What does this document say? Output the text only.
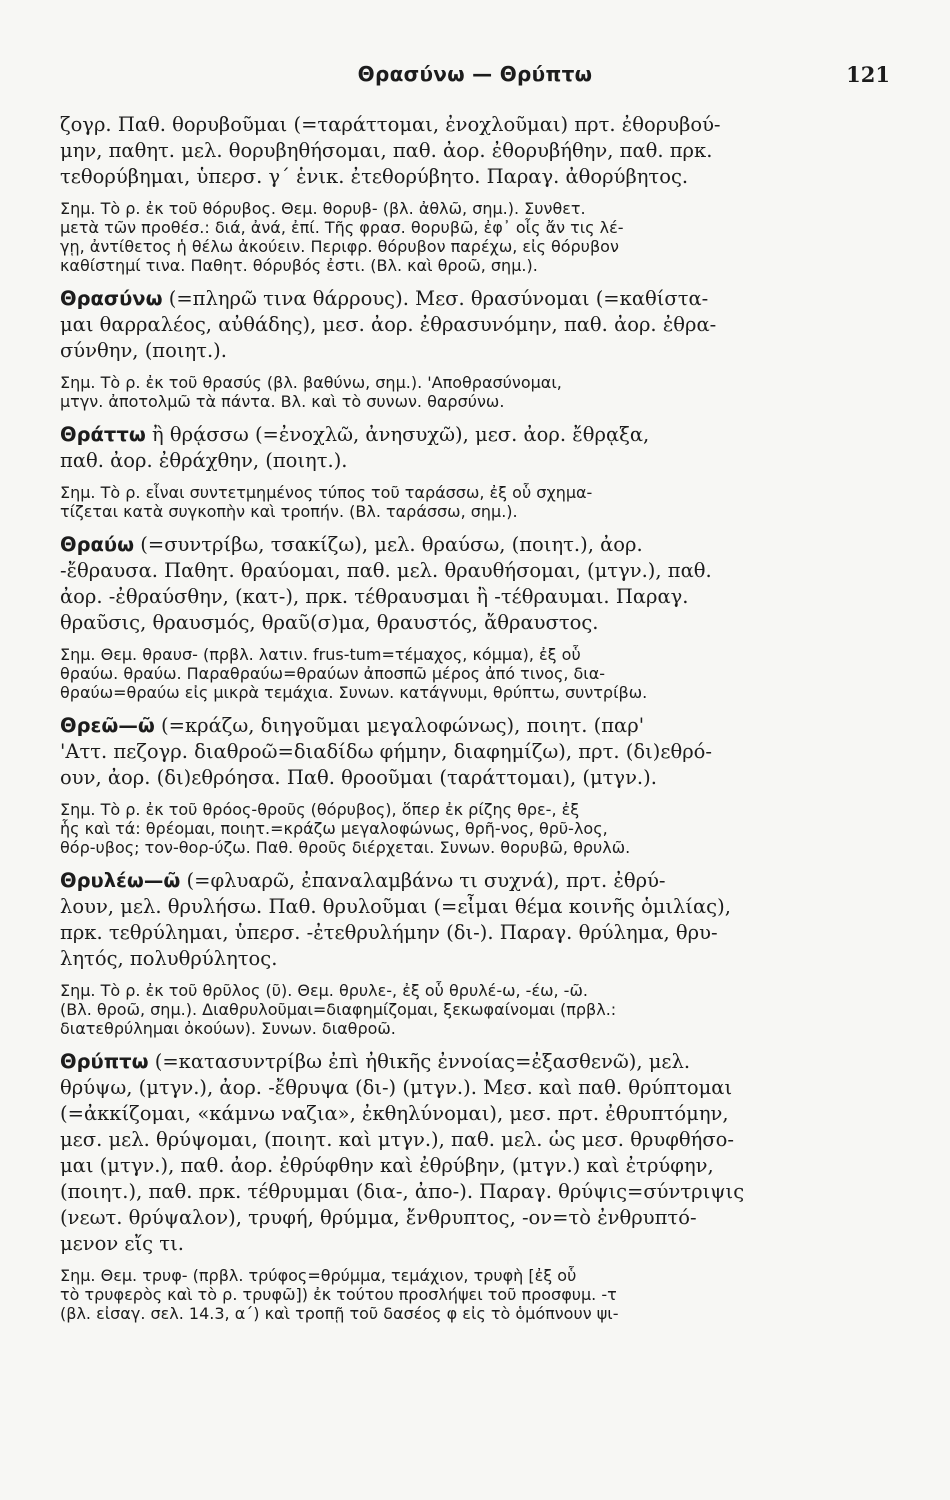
Θρασύνω — Θρύπτω	121
ζογρ. Παθ. θορυβοῦμαι (=ταράττομαι, ἐνοχλοῦμαι) πρτ. ἐθορυβού-
μην, παθητ. μελ. θορυβηθήσομαι, παθ. ἀορ. ἐθορυβήθην, παθ. πρκ.
τεθορύβημαι, ὑπερσ. γ΄ ἑνικ. ἐτεθορύβητο. Παραγ. ἀθορύβητος.
Σημ. Τὸ ρ. ἐκ τοῦ θόρυβος. Θεμ. θορυβ- (βλ. ἀθλῶ, σημ.). Συνθετ.
μετὰ τῶν προθέσ.: διά, ἀνά, ἐπί. Τῆς φρασ. θορυβῶ, ἐφ᾽ οἷς ἄν τις λέ-
γῃ, ἀντίθετος ἡ θέλω ἀκούειν. Περιφρ. θόρυβον παρέχω, εἰς θόρυβον
καθίστημί τινα. Παθητ. θόρυβός ἐστι. (Βλ. καὶ θροῶ, σημ.).
Θρασύνω (=πληρῶ τινα θάρρους). Μεσ. θρασύνομαι (=καθίστα-
μαι θαρραλέος, αὐθάδης), μεσ. ἀορ. ἐθρασυνόμην, παθ. ἀορ. ἐθρα-
σύνθην, (ποιητ.).
Σημ. Τὸ ρ. ἐκ τοῦ θρασύς (βλ. βαθύνω, σημ.). 'Αποθρασύνομαι,
μτγν. ἀποτολμῶ τὰ πάντα. Βλ. καὶ τὸ συνων. θαρσύνω.
Θράττω ἢ θρᾴσσω (=ἐνοχλῶ, ἀνησυχῶ), μεσ. ἀορ. ἔθρᾳξα,
παθ. ἀορ. ἐθράχθην, (ποιητ.).
Σημ. Τὸ ρ. εἶναι συντετμημένος τύπος τοῦ ταράσσω, ἐξ οὗ σχημα-
τίζεται κατὰ συγκοπὴν καὶ τροπήν. (Βλ. ταράσσω, σημ.).
Θραύω (=συντρίβω, τσακίζω), μελ. θραύσω, (ποιητ.), ἀορ.
-ἔθραυσα. Παθητ. θραύομαι, παθ. μελ. θραυθήσομαι, (μτγν.), παθ.
ἀορ. -ἐθραύσθην, (κατ-), πρκ. τέθραυσμαι ἢ -τέθραυμαι. Παραγ.
θραῦσις, θραυσμός, θραῦ(σ)μα, θραυστός, ἄθραυστος.
Σημ. Θεμ. θραυσ- (πρβλ. λατιν. frus-tum=τέμαχος, κόμμα), ἐξ οὗ
θραύω. θραύω. Παραθραύω=θραύων ἀποσπῶ μέρος ἀπό τινος, δια-
θραύω=θραύω εἰς μικρὰ τεμάχια. Συνων. κατάγνυμι, θρύπτω, συντρίβω.
Θρεῶ—ῶ (=κράζω, διηγοῦμαι μεγαλοφώνως), ποιητ. (παρ'
'Αττ. πεζογρ. διαθροῶ=διαδίδω φήμην, διαφημίζω), πρτ. (δι)εθρό-
ουν, ἀορ. (δι)εθρόησα. Παθ. θροοῦμαι (ταράττομαι), (μτγν.).
Σημ. Τὸ ρ. ἐκ τοῦ θρόος-θροῦς (θόρυβος), ὅπερ ἐκ ρίζης θρε-, ἐξ
ἧς καὶ τά: θρέομαι, ποιητ.=κράζω μεγαλοφώνως, θρῆ-νος, θρῦ-λος,
θόρ-υβος; τον-θορ-ύζω. Παθ. θροῦς διέρχεται. Συνων. θορυβῶ, θρυλῶ.
Θρυλέω—ῶ (=φλυαρῶ, ἐπαναλαμβάνω τι συχνά), πρτ. ἐθρύ-
λουν, μελ. θρυλήσω. Παθ. θρυλοῦμαι (=εἶμαι θέμα κοινῆς ὁμιλίας),
πρκ. τεθρύλημαι, ὑπερσ. -ἐτεθρυλήμην (δι-). Παραγ. θρύλημα, θρυ-
λητός, πολυθρύλητος.
Σημ. Τὸ ρ. ἐκ τοῦ θρῦλος (ῦ). Θεμ. θρυλε-, ἐξ οὗ θρυλέ-ω, -έω, -ῶ.
(Βλ. θροῶ, σημ.). Διαθρυλοῦμαι=διαφημίζομαι, ξεκωφαίνομαι (πρβλ.:
διατεθρύλημαι ὀκούων). Συνων. διαθροῶ.
Θρύπτω (=κατασυντρίβω ἐπὶ ἠθικῆς ἐννοίας=ἐξασθενῶ), μελ.
θρύψω, (μτγν.), ἀορ. -ἔθρυψα (δι-) (μτγν.). Μεσ. καὶ παθ. θρύπτομαι
(=ἀκκίζομαι, «κάμνω ναζια», ἐκθηλύνομαι), μεσ. πρτ. ἐθρυπτόμην,
μεσ. μελ. θρύψομαι, (ποιητ. καὶ μτγν.), παθ. μελ. ὡς μεσ. θρυφθήσο-
μαι (μτγν.), παθ. ἀορ. ἐθρύφθην καὶ ἐθρύβην, (μτγν.) καὶ ἐτρύφην,
(ποιητ.), παθ. πρκ. τέθρυμμαι (δια-, ἀπο-). Παραγ. θρύψις=σύντριψις
(νεωτ. θρύψαλον), τρυφή, θρύμμα, ἔνθρυπτος, -ον=τὸ ἐνθρυπτό-
μενον εἴς τι.
Σημ. Θεμ. τρυφ- (πρβλ. τρύφος=θρύμμα, τεμάχιον, τρυφὴ [ἐξ οὗ
τὸ τρυφερὸς καὶ τὸ ρ. τρυφῶ]) ἐκ τούτου προσλήψει τοῦ προσφυμ. -τ
(βλ. εἰσαγ. σελ. 14.3, α΄) καὶ τροπῇ τοῦ δασέος φ εἰς τὸ ὁμόπνουν ψι-
